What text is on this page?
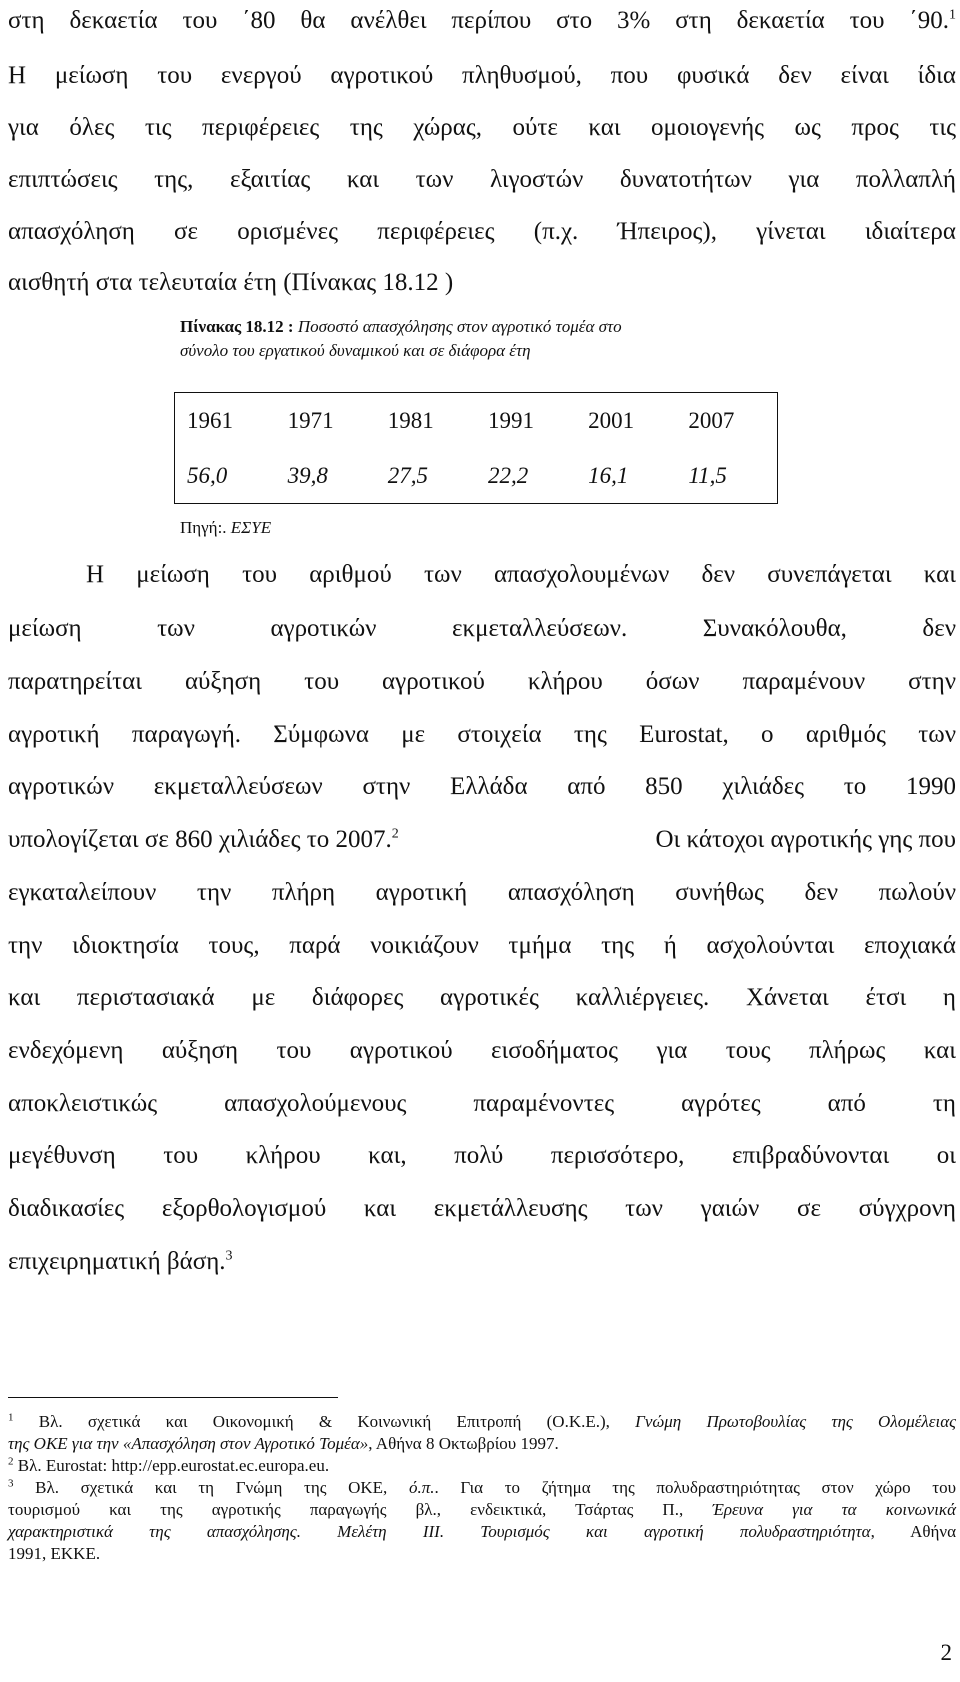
στη δεκαετία του ΄80 θα ανέλθει περίπου στο 3% στη δεκαετία του ΄90.$^1$
Η μείωση του ενεργού αγροτικού πληθυσμού, που φυσικά δεν είναι ίδια
για όλες τις περιφέρειες της χώρας, ούτε και ομοιογενής ως προς τις
επιπτώσεις της, εξαιτίας και των λιγοστών δυνατοτήτων για πολλαπλή
απασχόληση σε ορισμένες περιφέρειες (π.χ. Ήπειρος), γίνεται ιδιαίτερα
αισθητή στα τελευταία έτη (Πίνακας 18.12 )
Πίνακας 18.12 : Ποσοστό απασχόλησης στον αγροτικό τομέα στο
σύνολο του εργατικού δυναμικού και σε διάφορα έτη
1961	1971	1981	1991	2001	2007
56,0	39,8	27,5	22,2	16,1	11,5
Πηγή:. ΕΣΥΕ
Η μείωση του αριθμού των απασχολουμένων δεν συνεπάγεται και
μείωση των αγροτικών εκμεταλλεύσεων. Συνακόλουθα, δεν
παρατηρείται αύξηση του αγροτικού κλήρου όσων παραμένουν στην
αγροτική παραγωγή. Σύμφωνα με στοιχεία της Eurostat, ο αριθμός των
αγροτικών εκμεταλλεύσεων στην Ελλάδα από 850 χιλιάδες το 1990
υπολογίζεται σε 860 χιλιάδες το 2007.$^2$	Οι κάτοχοι αγροτικής γης που
εγκαταλείπουν την πλήρη αγροτική απασχόληση συνήθως δεν πωλούν
την ιδιοκτησία τους, παρά νοικιάζουν τμήμα της ή ασχολούνται εποχιακά
και περιστασιακά με διάφορες αγροτικές καλλιέργειες. Χάνεται έτσι η
ενδεχόμενη αύξηση του αγροτικού εισοδήματος για τους πλήρως και
αποκλειστικώς απασχολούμενους παραμένοντες αγρότες από τη
μεγέθυνση του κλήρου και, πολύ περισσότερο, επιβραδύνονται οι
διαδικασίες εξορθολογισμού και εκμετάλλευσης των γαιών σε σύγχρονη
επιχειρηματική βάση.$^3$
$^1$ Βλ. σχετικά και Οικονομική & Κοινωνική Επιτροπή (Ο.Κ.Ε.), Γνώμη Πρωτοβουλίας της Ολομέλειας
της ΟΚΕ για την «Απασχόληση στον Αγροτικό Τομέα», Αθήνα 8 Οκτωβρίου 1997.
$^2$ Βλ. Eurostat: http://epp.eurostat.ec.europa.eu.
$^3$ Βλ. σχετικά και τη Γνώμη της ΟΚΕ, ό.π.. Για το ζήτημα της πολυδραστηριότητας στον χώρο του
τουρισμού και της αγροτικής παραγωγής βλ., ενδεικτικά, Τσάρτας Π., Έρευνα για τα κοινωνικά
χαρακτηριστικά της απασχόλησης. Μελέτη ΙΙΙ. Τουρισμός και αγροτική πολυδραστηριότητα, Αθήνα
1991, ΕΚΚΕ.
2
